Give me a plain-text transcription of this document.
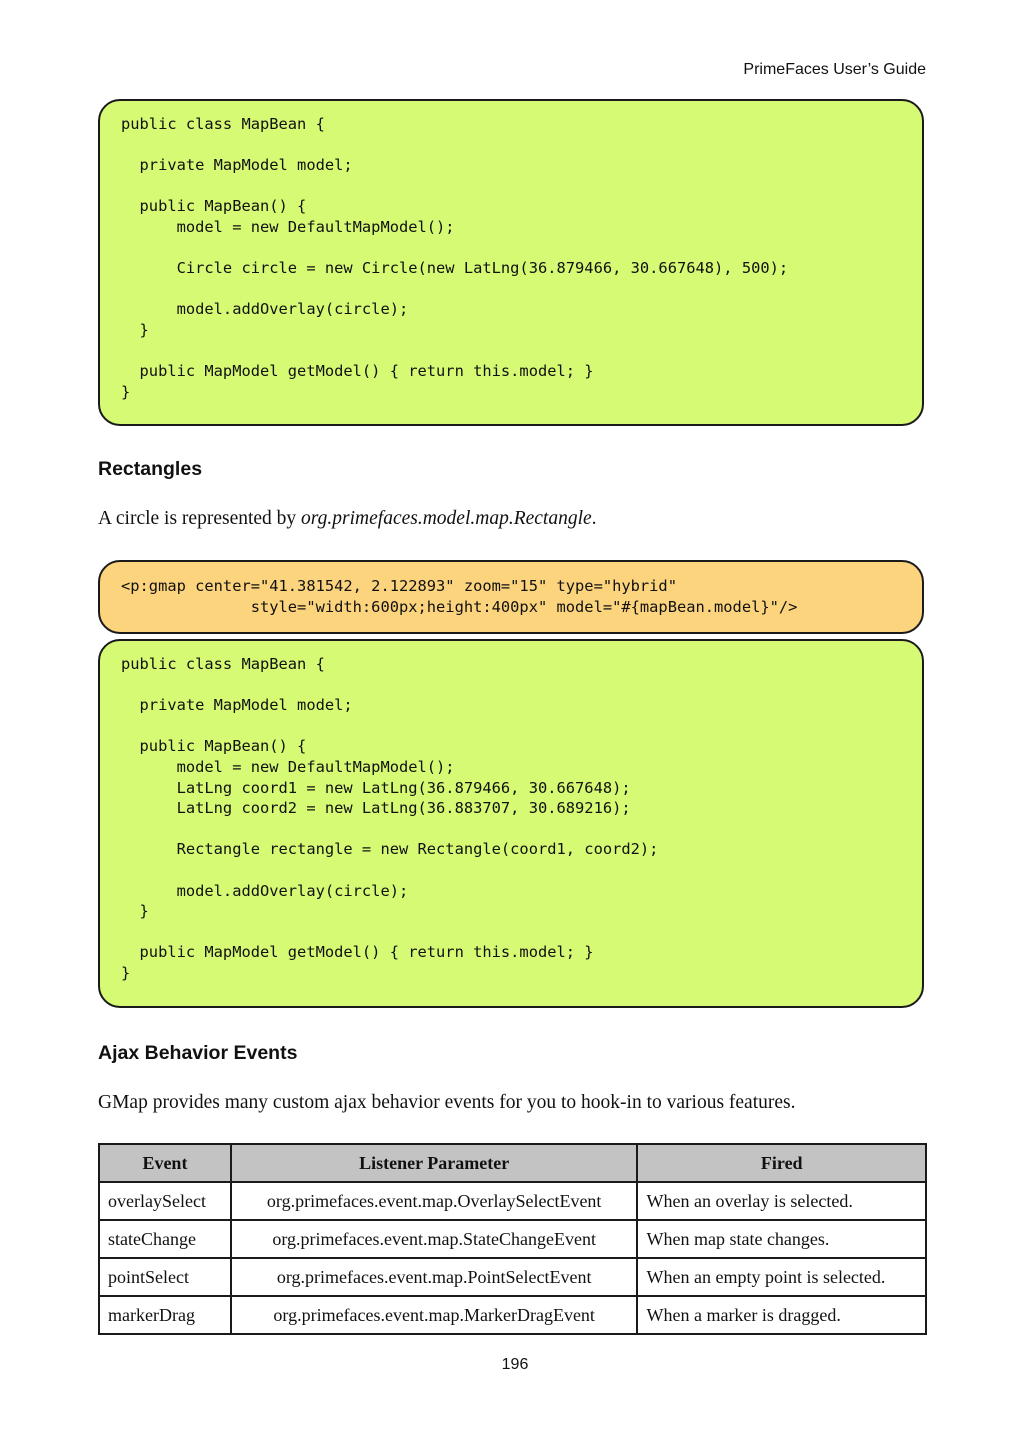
PrimeFaces User’s Guide
public class MapBean {

private MapModel model;

public MapBean() {
model = new DefaultMapModel();

Circle circle = new Circle(new LatLng(36.879466, 30.667648), 500);

model.addOverlay(circle);
}

public MapModel getModel() { return this.model; }
}
Rectangles

A circle is represented by org.primefaces.model.map.Rectangle.

<p:gmap center="41.381542, 2.122893" zoom="15" type="hybrid"
style="width:600px;height:400px" model="#{mapBean.model}"/>
public class MapBean {

private MapModel model;

public MapBean() {
model = new DefaultMapModel();
LatLng coord1 = new LatLng(36.879466, 30.667648);
LatLng coord2 = new LatLng(36.883707, 30.689216);

Rectangle rectangle = new Rectangle(coord1, coord2);

model.addOverlay(circle);
}

public MapModel getModel() { return this.model; }
}
Ajax Behavior Events

GMap provides many custom ajax behavior events for you to hook-in to various features.

Event	Listener Parameter	Fired
overlaySelect	org.primefaces.event.map.OverlaySelectEvent	When an overlay is selected.
stateChange	org.primefaces.event.map.StateChangeEvent	When map state changes.
pointSelect	org.primefaces.event.map.PointSelectEvent	When an empty point is selected.
markerDrag	org.primefaces.event.map.MarkerDragEvent	When a marker is dragged.
196
